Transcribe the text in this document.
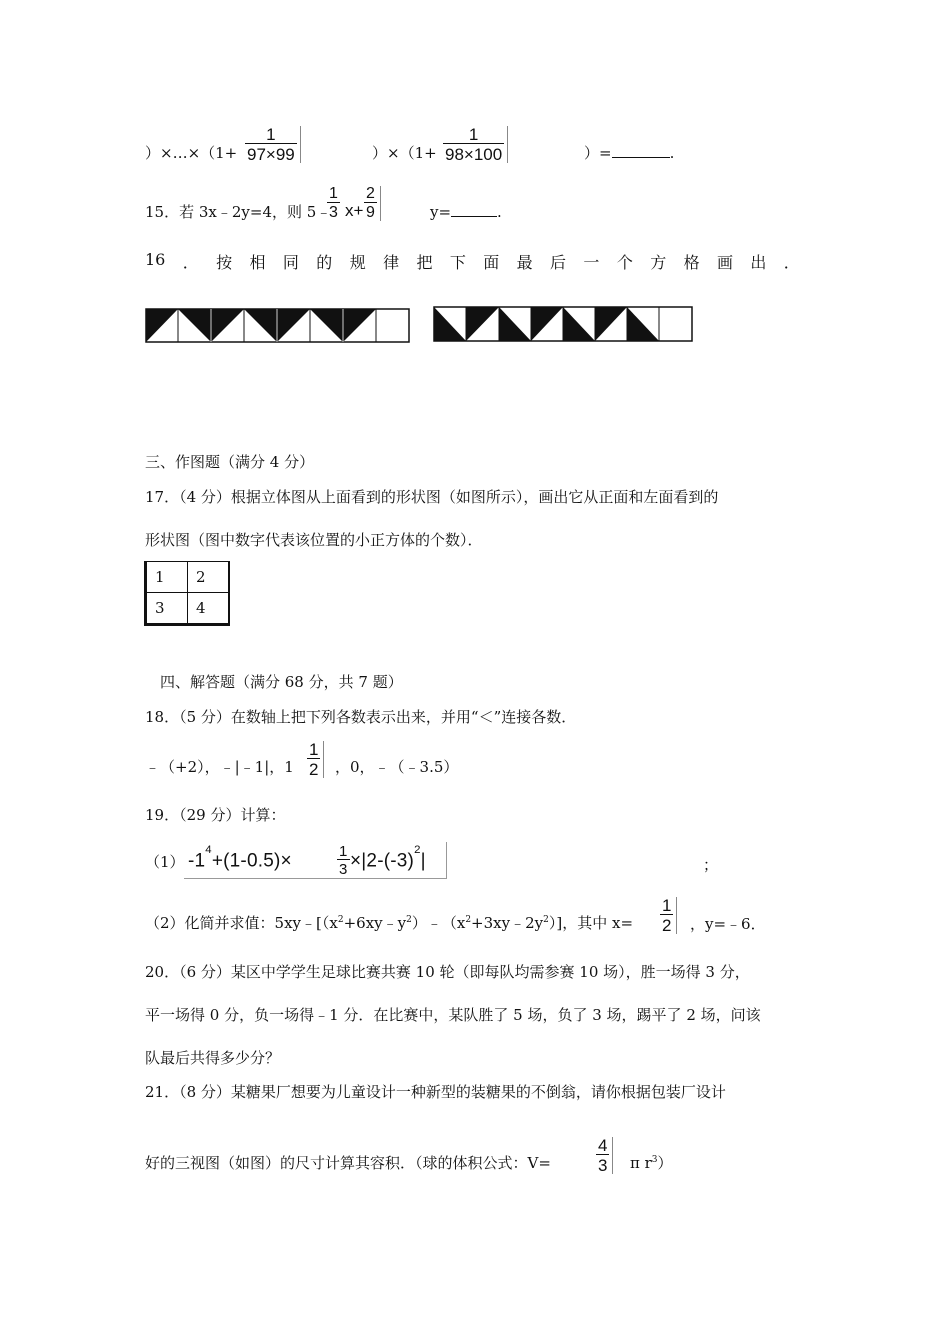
）×…×（1+ $\frac{1}{97\times 99}$	）$\times(1+ \frac{1}{98\times 100}$	）=	.
15．若 3x﹣2y=4，则 5﹣
$\frac{1}{3} x+ \frac{2}{9}$	y=	.
16 ． 按 相 同 的 规 律 把 下 面 最 后 一 个 方 格 画 出 ．
三、作图题（满分 4 分）
17．（4 分）根据立体图从上面看到的形状图（如图所示），画出它从正面和左面看到的
形状图（图中数字代表该位置的小正方体的个数）．
1	2
3	4
四、解答题（满分 68 分，共 7 题）
18．（5 分）在数轴上把下列各数表示出来，并用“＜”连接各数．
﹣（+2），﹣|﹣1|，$1 \frac{1}{2}$ ，0，﹣（﹣3.5）
19．（29 分）计算：
（1） $-1^4+(1-0.5)\times$	$\frac{1}{3} \times|2-(-3)^2|$	；
（2）化简并求值：$5xy﹣[(x^2+6xy﹣y^2)﹣(x^2+3xy﹣2y^2)]$，其中 $x= \frac{1}{2}$ ，y=﹣6．
20．（6 分）某区中学学生足球比赛共赛 10 轮（即每队均需参赛 10 场），胜一场得 3 分，
平一场得 0 分，负一场得﹣1 分．在比赛中，某队胜了 5 场，负了 3 场，踢平了 2 场，问该
队最后共得多少分？
21．（8 分）某糖果厂想要为儿童设计一种新型的装糖果的不倒翁，请你根据包装厂设计
好的三视图（如图）的尺寸计算其容积．（球的体积公式：V=	$\frac{4}{3}$ π $r^3$）
